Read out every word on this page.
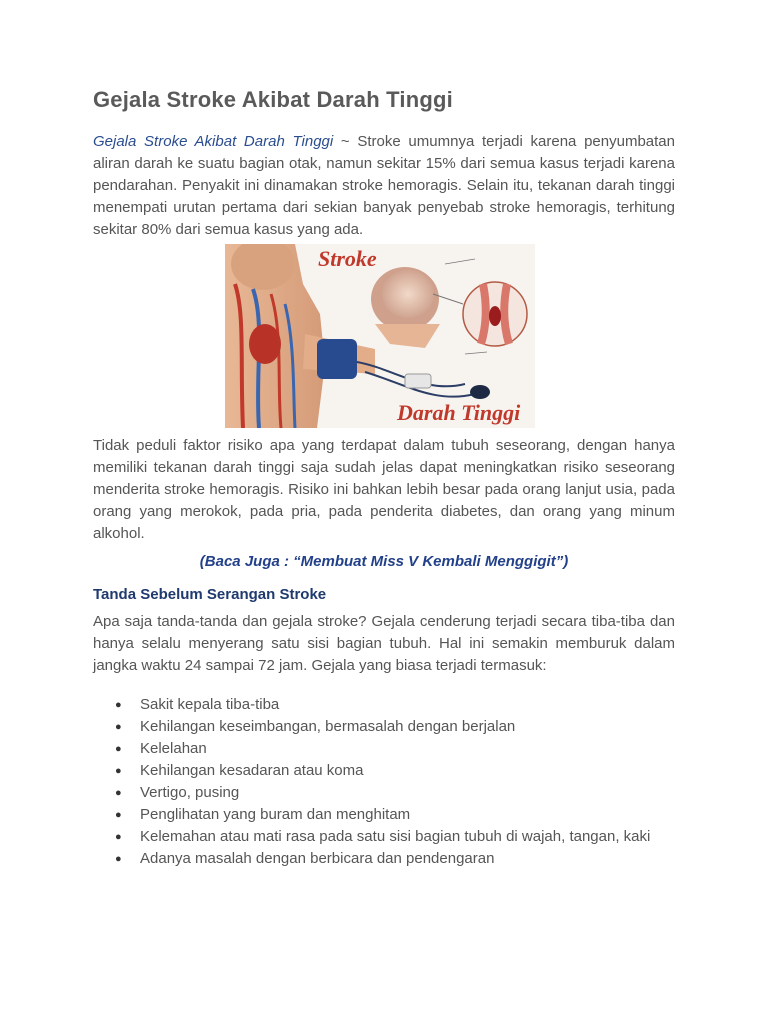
Gejala Stroke Akibat Darah Tinggi

Gejala Stroke Akibat Darah Tinggi ~ Stroke umumnya terjadi karena penyumbatan aliran darah ke suatu bagian otak, namun sekitar 15% dari semua kasus terjadi karena pendarahan. Penyakit ini dinamakan stroke hemoragis. Selain itu, tekanan darah tinggi menempati urutan pertama dari sekian banyak penyebab stroke hemoragis, terhitung sekitar 80% dari semua kasus yang ada.

Stroke
Darah Tinggi

Tidak peduli faktor risiko apa yang terdapat dalam tubuh seseorang, dengan hanya memiliki tekanan darah tinggi saja sudah jelas dapat meningkatkan risiko seseorang menderita stroke hemoragis. Risiko ini bahkan lebih besar pada orang lanjut usia, pada orang yang merokok, pada pria, pada penderita diabetes, dan orang yang minum alkohol.

(Baca Juga : “Membuat Miss V Kembali Menggigit”)

Tanda Sebelum Serangan Stroke

Apa saja tanda-tanda dan gejala stroke? Gejala cenderung terjadi secara tiba-tiba dan hanya selalu menyerang satu sisi bagian tubuh. Hal ini semakin memburuk dalam jangka waktu 24 sampai 72 jam. Gejala yang biasa terjadi termasuk:

● Sakit kepala tiba-tiba
● Kehilangan keseimbangan, bermasalah dengan berjalan
● Kelelahan
● Kehilangan kesadaran atau koma
● Vertigo, pusing
● Penglihatan yang buram dan menghitam
● Kelemahan atau mati rasa pada satu sisi bagian tubuh di wajah, tangan, kaki
● Adanya masalah dengan berbicara dan pendengaran
